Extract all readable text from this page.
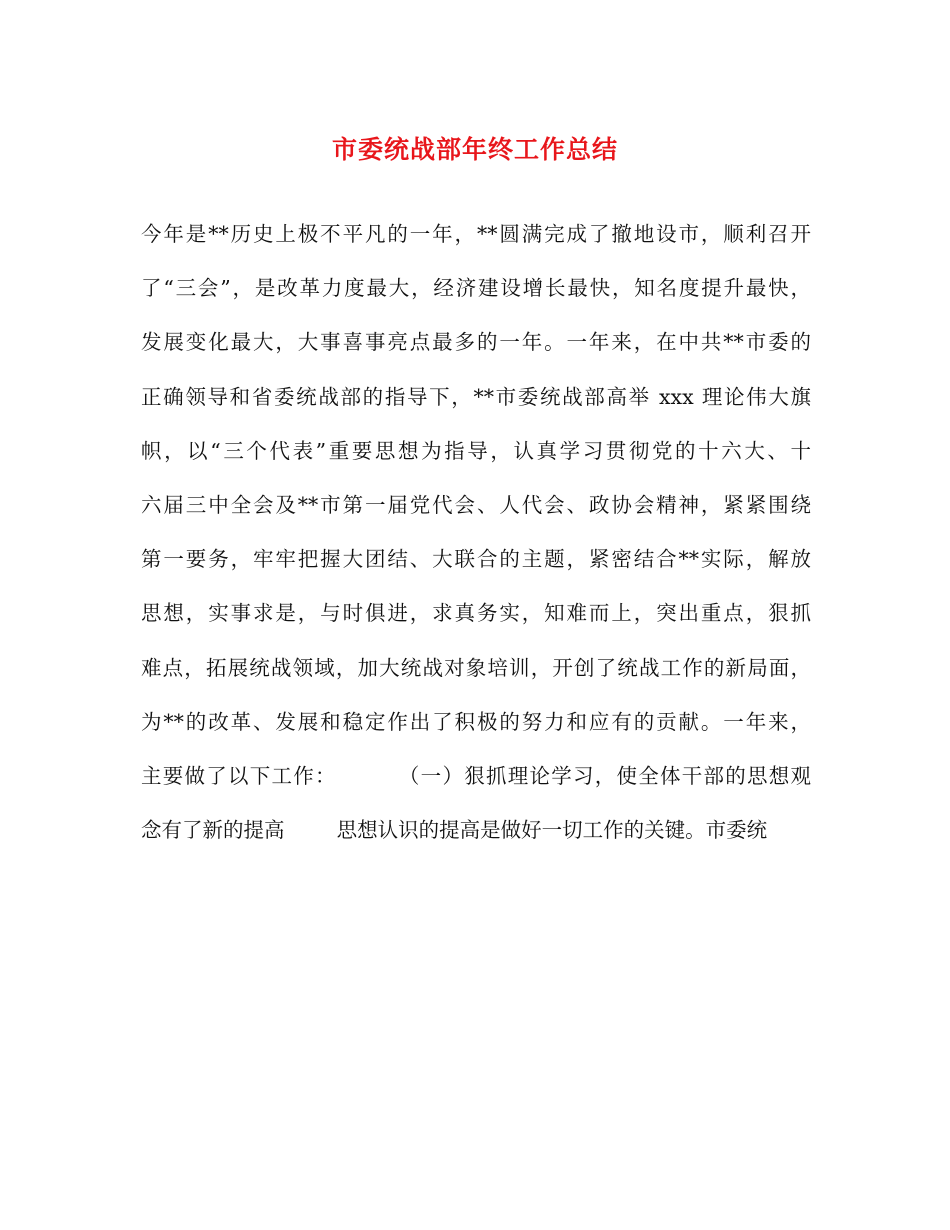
市委统战部年终工作总结
今年是**历史上极不平凡的一年，**圆满完成了撤地设市，顺利召开
了“三会”，是改革力度最大，经济建设增长最快，知名度提升最快，
发展变化最大，大事喜事亮点最多的一年。一年来，在中共**市委的
正确领导和省委统战部的指导下，**市委统战部高举 xxx 理论伟大旗
帜，以“三个代表”重要思想为指导，认真学习贯彻党的十六大、十
六届三中全会及**市第一届党代会、人代会、政协会精神，紧紧围绕
第一要务，牢牢把握大团结、大联合的主题，紧密结合**实际，解放
思想，实事求是，与时俱进，求真务实，知难而上，突出重点，狠抓
难点，拓展统战领域，加大统战对象培训，开创了统战工作的新局面，
为**的改革、发展和稳定作出了积极的努力和应有的贡献。一年来，
主要做了以下工作：        （一）狠抓理论学习，使全体干部的思想观
念有了新的提高        思想认识的提高是做好一切工作的关键。市委统
